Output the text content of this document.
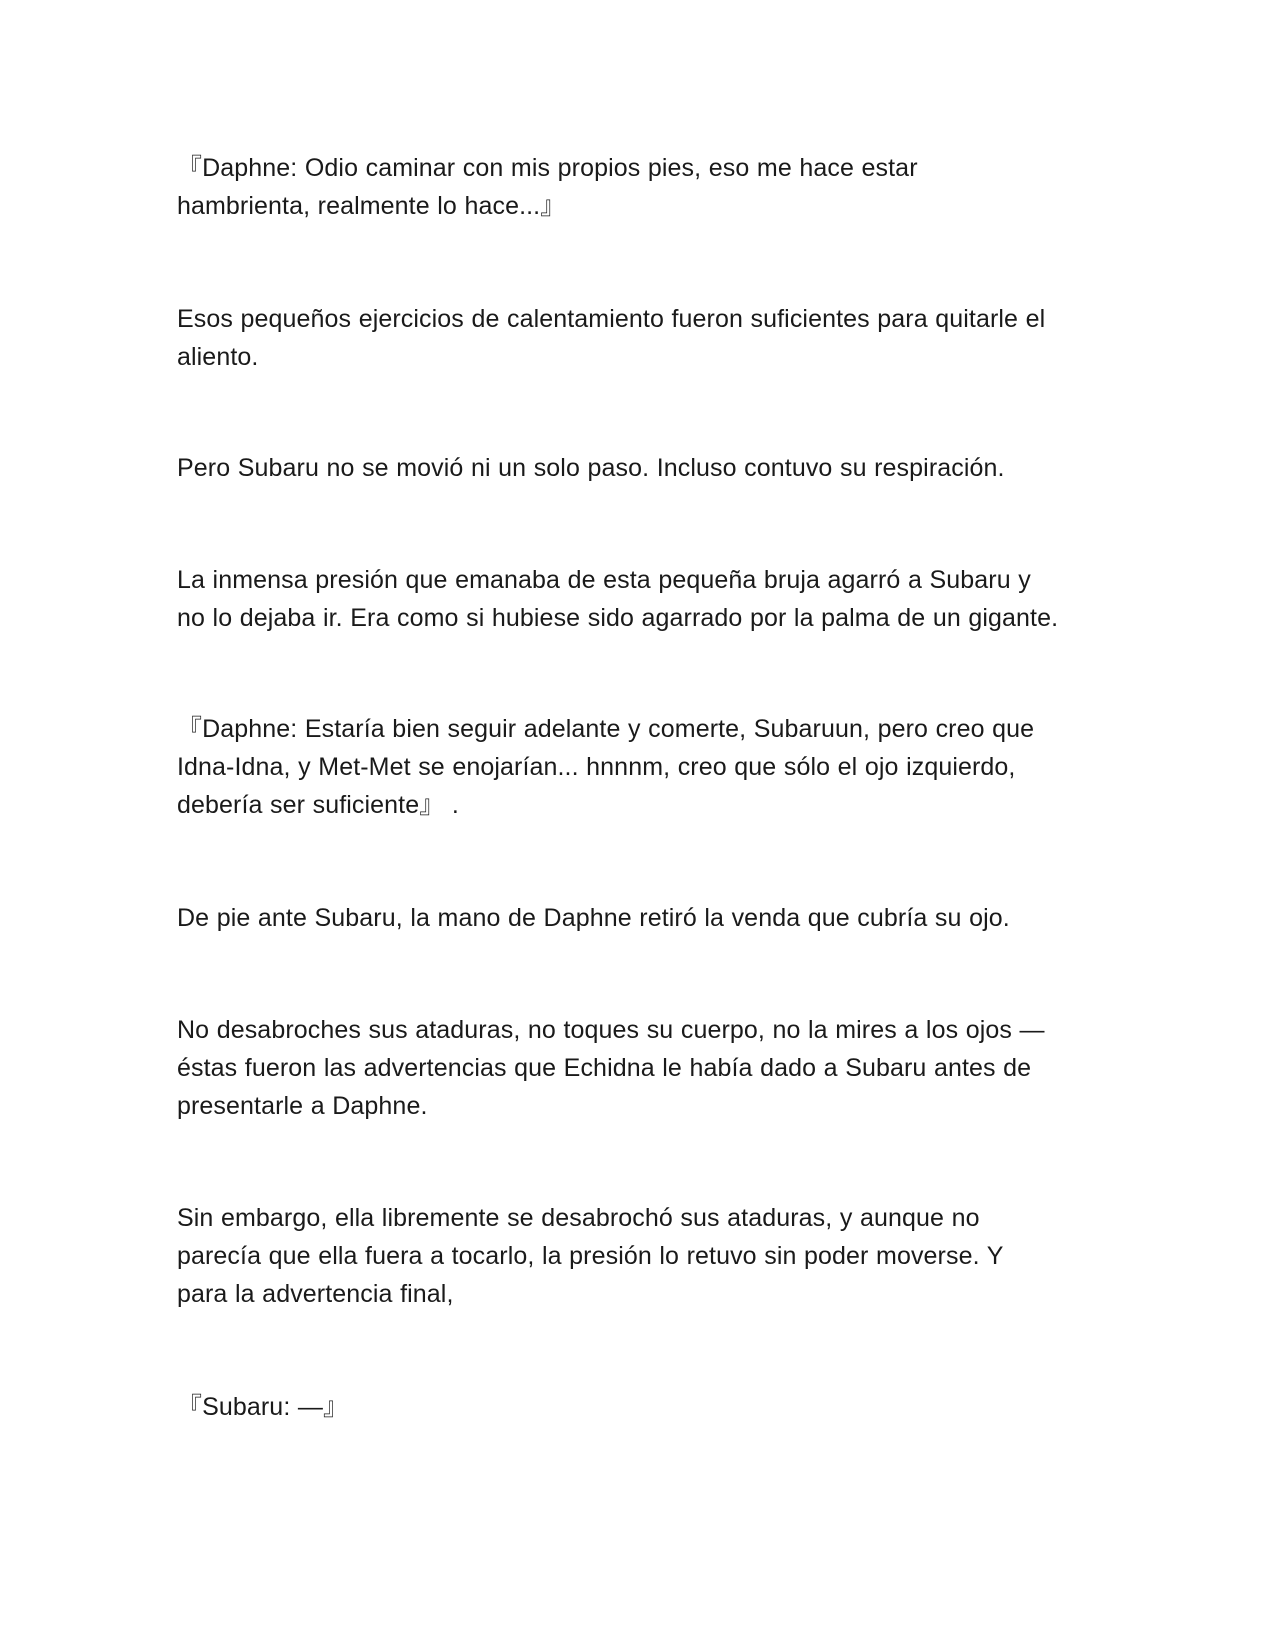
『Daphne: Odio caminar con mis propios pies, eso me hace estar
hambrienta, realmente lo hace...』

Esos pequeños ejercicios de calentamiento fueron suficientes para quitarle el
aliento.

Pero Subaru no se movió ni un solo paso. Incluso contuvo su respiración.

La inmensa presión que emanaba de esta pequeña bruja agarró a Subaru y
no lo dejaba ir. Era como si hubiese sido agarrado por la palma de un gigante.

『Daphne: Estaría bien seguir adelante y comerte, Subaruun, pero creo que
Idna-Idna, y Met-Met se enojarían... hnnnm, creo que sólo el ojo izquierdo,
debería ser suficiente』 .

De pie ante Subaru, la mano de Daphne retiró la venda que cubría su ojo.

No desabroches sus ataduras, no toques su cuerpo, no la mires a los ojos —
éstas fueron las advertencias que Echidna le había dado a Subaru antes de
presentarle a Daphne.

Sin embargo, ella libremente se desabrochó sus ataduras, y aunque no
parecía que ella fuera a tocarlo, la presión lo retuvo sin poder moverse. Y
para la advertencia final,

『Subaru: —』
